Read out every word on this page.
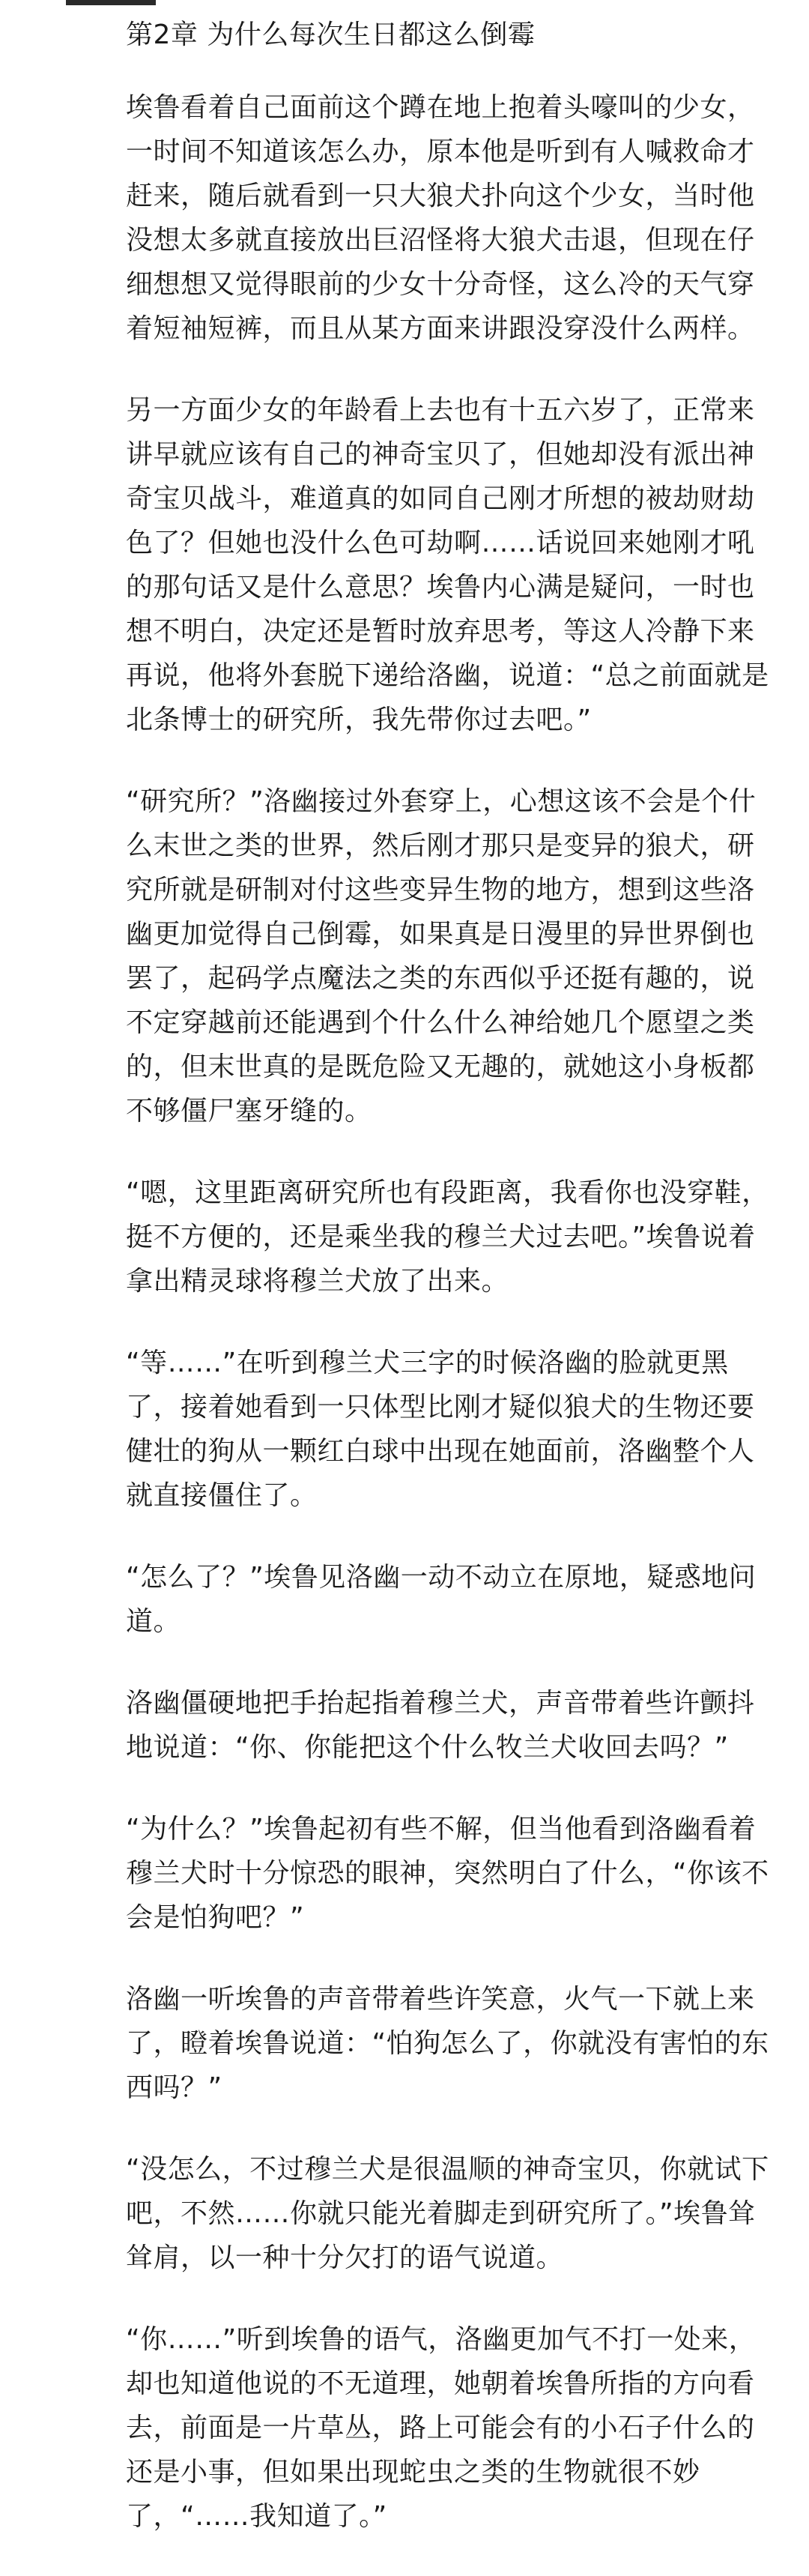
第2章 为什么每次生日都这么倒霉

埃鲁看着自己面前这个蹲在地上抱着头嚎叫的少女，一时间不知道该怎么办，原本他是听到有人喊救命才赶来，随后就看到一只大狼犬扑向这个少女，当时他没想太多就直接放出巨沼怪将大狼犬击退，但现在仔细想想又觉得眼前的少女十分奇怪，这么冷的天气穿着短袖短裤，而且从某方面来讲跟没穿没什么两样。

另一方面少女的年龄看上去也有十五六岁了，正常来讲早就应该有自己的神奇宝贝了，但她却没有派出神奇宝贝战斗，难道真的如同自己刚才所想的被劫财劫色了？但她也没什么色可劫啊……话说回来她刚才吼的那句话又是什么意思？埃鲁内心满是疑问，一时也想不明白，决定还是暂时放弃思考，等这人冷静下来再说，他将外套脱下递给洛幽，说道：“总之前面就是北条博士的研究所，我先带你过去吧。”

“研究所？”洛幽接过外套穿上，心想这该不会是个什么末世之类的世界，然后刚才那只是变异的狼犬，研究所就是研制对付这些变异生物的地方，想到这些洛幽更加觉得自己倒霉，如果真是日漫里的异世界倒也罢了，起码学点魔法之类的东西似乎还挺有趣的，说不定穿越前还能遇到个什么什么神给她几个愿望之类的，但末世真的是既危险又无趣的，就她这小身板都不够僵尸塞牙缝的。

“嗯，这里距离研究所也有段距离，我看你也没穿鞋，挺不方便的，还是乘坐我的穆兰犬过去吧。”埃鲁说着拿出精灵球将穆兰犬放了出来。

“等……”在听到穆兰犬三字的时候洛幽的脸就更黑了，接着她看到一只体型比刚才疑似狼犬的生物还要健壮的狗从一颗红白球中出现在她面前，洛幽整个人就直接僵住了。

“怎么了？”埃鲁见洛幽一动不动立在原地，疑惑地问道。

洛幽僵硬地把手抬起指着穆兰犬，声音带着些许颤抖地说道：“你、你能把这个什么牧兰犬收回去吗？”

“为什么？”埃鲁起初有些不解，但当他看到洛幽看着穆兰犬时十分惊恐的眼神，突然明白了什么，“你该不会是怕狗吧？”

洛幽一听埃鲁的声音带着些许笑意，火气一下就上来了，瞪着埃鲁说道：“怕狗怎么了，你就没有害怕的东西吗？”

“没怎么，不过穆兰犬是很温顺的神奇宝贝，你就试下吧，不然……你就只能光着脚走到研究所了。”埃鲁耸耸肩，以一种十分欠打的语气说道。

“你……”听到埃鲁的语气，洛幽更加气不打一处来，却也知道他说的不无道理，她朝着埃鲁所指的方向看去，前面是一片草丛，路上可能会有的小石子什么的还是小事，但如果出现蛇虫之类的生物就很不妙了，“……我知道了。”
